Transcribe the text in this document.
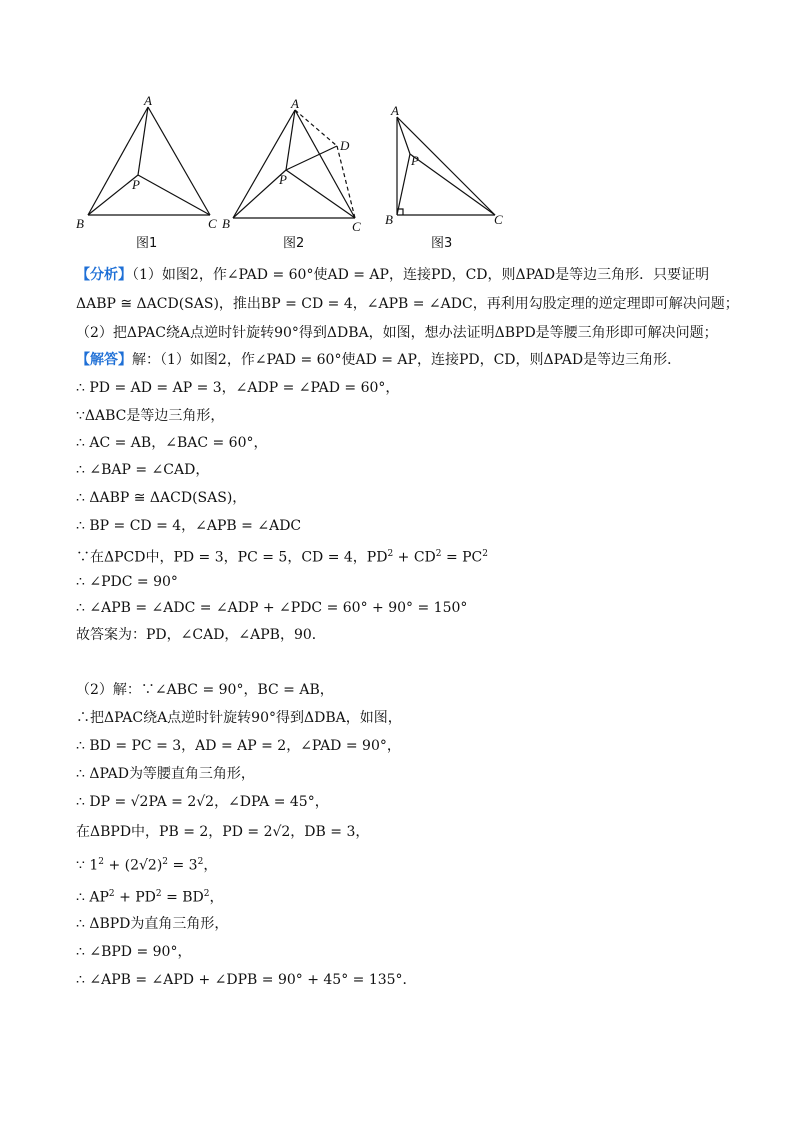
A
B	C
P
图1
A
B	C
P
D
图2
A
B	C
P
图3
【分析】（1）如图2，作∠PAD = 60°使AD = AP，连接PD，CD，则ΔPAD是等边三角形．只要证明
ΔABP ≅ ΔACD(SAS)，推出BP = CD = 4，∠APB = ∠ADC，再利用勾股定理的逆定理即可解决问题；
（2）把ΔPAC绕A点逆时针旋转90°得到ΔDBA，如图，想办法证明ΔBPD是等腰三角形即可解决问题；
【解答】解：（1）如图2，作∠PAD = 60°使AD = AP，连接PD，CD，则ΔPAD是等边三角形．
∴ PD = AD = AP = 3，∠ADP = ∠PAD = 60°，
∵ΔABC是等边三角形，
∴ AC = AB，∠BAC = 60°，
∴ ∠BAP = ∠CAD，
∴ ΔABP ≅ ΔACD(SAS)，
∴ BP = CD = 4，∠APB = ∠ADC
∵在ΔPCD中，PD = 3，PC = 5，CD = 4，$PD^2 + CD^2 = PC^2$
∴ ∠PDC = 90°
∴ ∠APB = ∠ADC = ∠ADP + ∠PDC = 60° + 90° = 150°
故答案为：PD，∠CAD，∠APB，90．
（2）解：∵∠ABC = 90°，BC = AB，
∴把ΔPAC绕A点逆时针旋转90°得到ΔDBA，如图，
∴ BD = PC = 3，AD = AP = 2，∠PAD = 90°，
∴ ΔPAD为等腰直角三角形，
∴ DP = √2PA = 2√2，∠DPA = 45°，
在ΔBPD中，PB = 2，PD = 2√2，DB = 3，
∵ $1^2 + (2√2)^2 = 3^2$，
∴ $AP^2 + PD^2 = BD^2$，
∴ ΔBPD为直角三角形，
∴ ∠BPD = 90°，
∴ ∠APB = ∠APD + ∠DPB = 90° + 45° = 135°．
